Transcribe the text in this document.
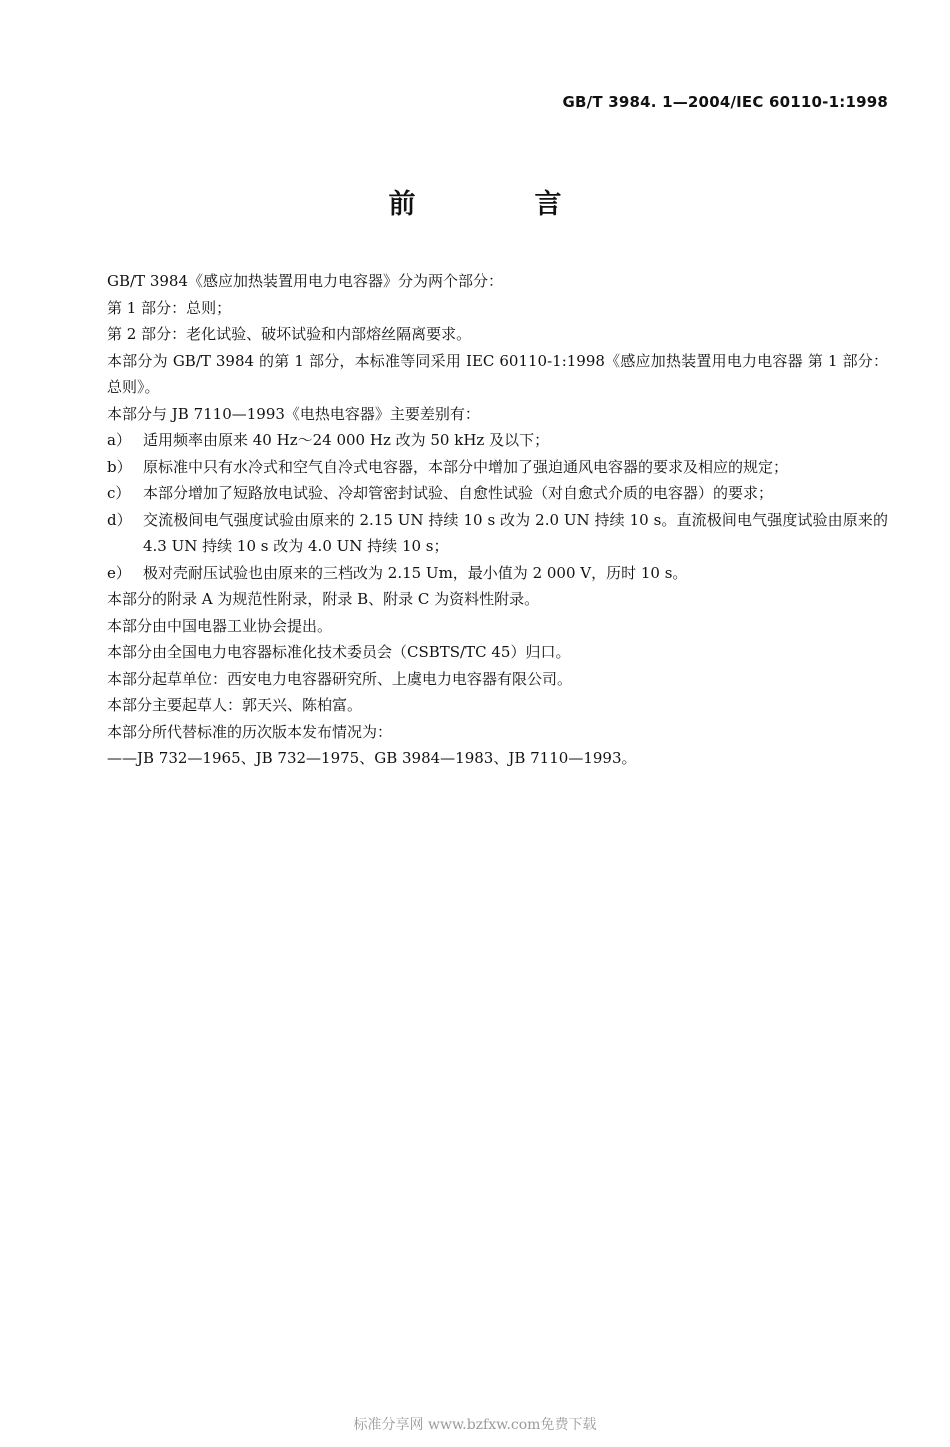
GB/T 3984. 1—2004/IEC 60110-1:1998
前　言
GB/T 3984《感应加热装置用电力电容器》分为两个部分：
第 1 部分：总则；
第 2 部分：老化试验、破坏试验和内部熔丝隔离要求。
本部分为 GB/T 3984 的第 1 部分，本标准等同采用 IEC 60110-1:1998《感应加热装置用电力电容器 第 1 部分：总则》。
本部分与 JB 7110—1993《电热电容器》主要差别有：
a） 适用频率由原来 40 Hz～24 000 Hz 改为 50 kHz 及以下；
b） 原标准中只有水冷式和空气自冷式电容器，本部分中增加了强迫通风电容器的要求及相应的规定；
c） 本部分增加了短路放电试验、冷却管密封试验、自愈性试验（对自愈式介质的电容器）的要求；
d） 交流极间电气强度试验由原来的 2.15 UN 持续 10 s 改为 2.0 UN 持续 10 s。直流极间电气强度试验由原来的 4.3 UN 持续 10 s 改为 4.0 UN 持续 10 s；
e） 极对壳耐压试验也由原来的三档改为 2.15 Um，最小值为 2 000 V，历时 10 s。
本部分的附录 A 为规范性附录，附录 B、附录 C 为资料性附录。
本部分由中国电器工业协会提出。
本部分由全国电力电容器标准化技术委员会（CSBTS/TC 45）归口。
本部分起草单位：西安电力电容器研究所、上虞电力电容器有限公司。
本部分主要起草人：郭天兴、陈柏富。
本部分所代替标准的历次版本发布情况为：
——JB 732—1965、JB 732—1975、GB 3984—1983、JB 7110—1993。
标准分享网 www.bzfxw.com免费下载
